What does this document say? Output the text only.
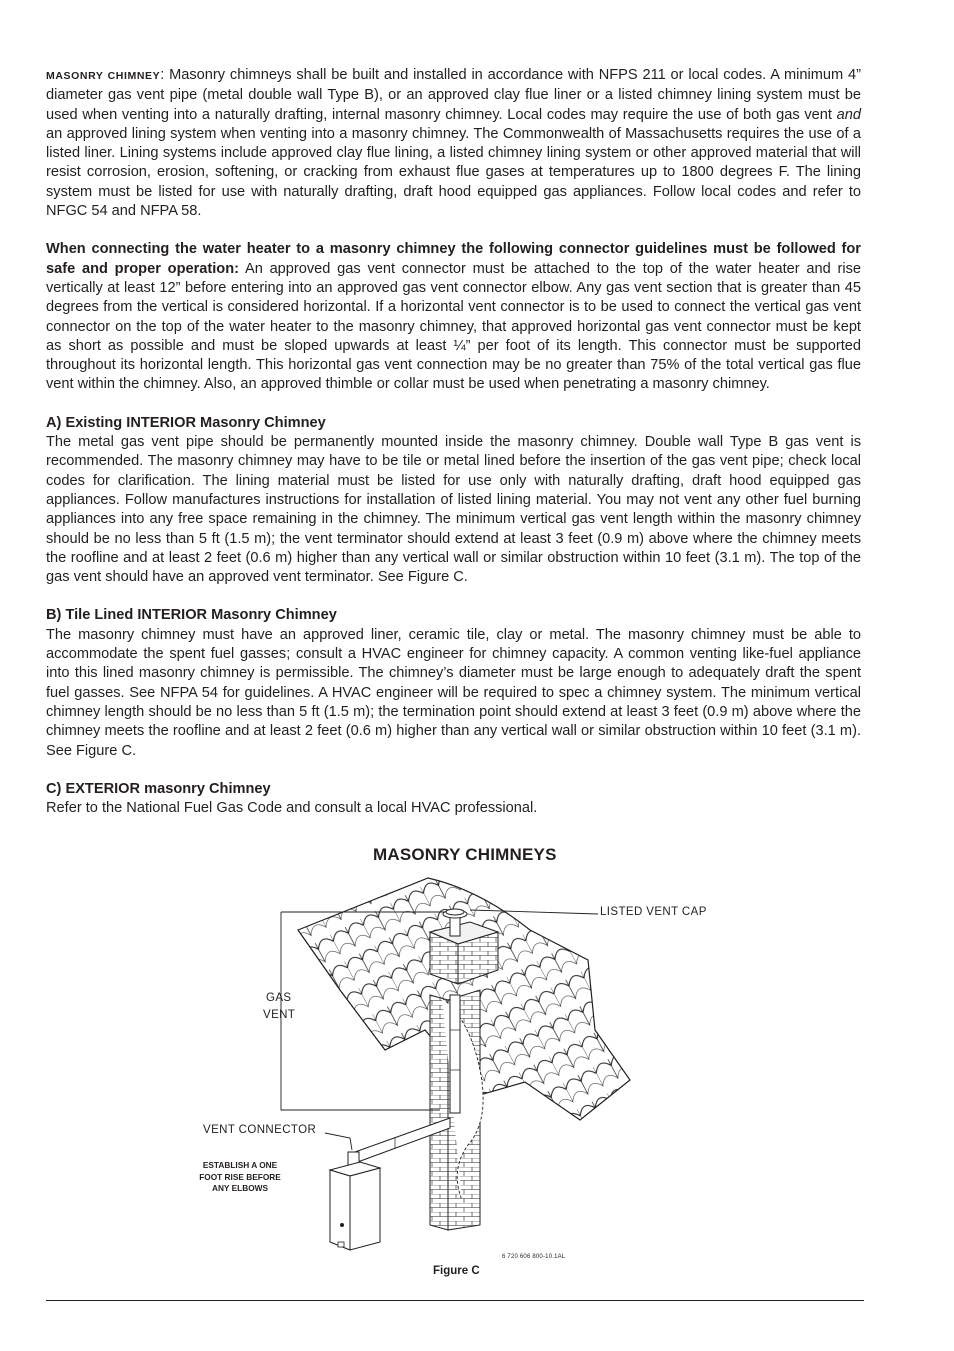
MASONRY CHIMNEY: Masonry chimneys shall be built and installed in accordance with NFPS 211 or local codes. A minimum 4” diameter gas vent pipe (metal double wall Type B), or an approved clay flue liner or a listed chimney lining system must be used when venting into a naturally drafting, internal masonry chimney. Local codes may require the use of both gas vent and an approved lining system when venting into a masonry chimney. The Commonwealth of Massachusetts requires the use of a listed liner. Lining systems include approved clay flue lining, a listed chimney lining system or other approved material that will resist corrosion, erosion, softening, or cracking from exhaust flue gases at temperatures up to 1800 degrees F. The lining system must be listed for use with naturally drafting, draft hood equipped gas appliances. Follow local codes and refer to NFGC 54 and NFPA 58.

When connecting the water heater to a masonry chimney the following connector guidelines must be followed for safe and proper operation: An approved gas vent connector must be attached to the top of the water heater and rise vertically at least 12” before entering into an approved gas vent connector elbow. Any gas vent section that is greater than 45 degrees from the vertical is considered horizontal. If a horizontal vent connector is to be used to connect the vertical gas vent connector on the top of the water heater to the masonry chimney, that approved horizontal gas vent connector must be kept as short as possible and must be sloped upwards at least ¼” per foot of its length. This connector must be supported throughout its horizontal length. This horizontal gas vent connection may be no greater than 75% of the total vertical gas flue vent within the chimney. Also, an approved thimble or collar must be used when penetrating a masonry chimney.

A) Existing INTERIOR Masonry Chimney

The metal gas vent pipe should be permanently mounted inside the masonry chimney. Double wall Type B gas vent is recommended. The masonry chimney may have to be tile or metal lined before the insertion of the gas vent pipe; check local codes for clarification. The lining material must be listed for use only with naturally drafting, draft hood equipped gas appliances. Follow manufactures instructions for installation of listed lining material. You may not vent any other fuel burning appliances into any free space remaining in the chimney. The minimum vertical gas vent length within the masonry chimney should be no less than 5 ft (1.5 m); the vent terminator should extend at least 3 feet (0.9 m) above where the chimney meets the roofline and at least 2 feet (0.6 m) higher than any vertical wall or similar obstruction within 10 feet (3.1 m). The top of the gas vent should have an approved vent terminator. See Figure C.

B) Tile Lined INTERIOR Masonry Chimney

The masonry chimney must have an approved liner, ceramic tile, clay or metal. The masonry chimney must be able to accommodate the spent fuel gasses; consult a HVAC engineer for chimney capacity. A common venting like-fuel appliance into this lined masonry chimney is permissible. The chimney’s diameter must be large enough to adequately draft the spent fuel gasses. See NFPA 54 for guidelines. A HVAC engineer will be required to spec a chimney system. The minimum vertical chimney length should be no less than 5 ft (1.5 m); the termination point should extend at least 3 feet (0.9 m) above where the chimney meets the roofline and at least 2 feet (0.6 m) higher than any vertical wall or similar obstruction within 10 feet (3.1 m). See Figure C.

C) EXTERIOR masonry Chimney

Refer to the National Fuel Gas Code and consult a local HVAC professional.

MASONRY CHIMNEYS
LISTED VENT CAP
GAS
VENT
VENT CONNECTOR
ESTABLISH A ONE
FOOT RISE BEFORE
ANY ELBOWS
6 720 606 800-10.1AL
Figure C
